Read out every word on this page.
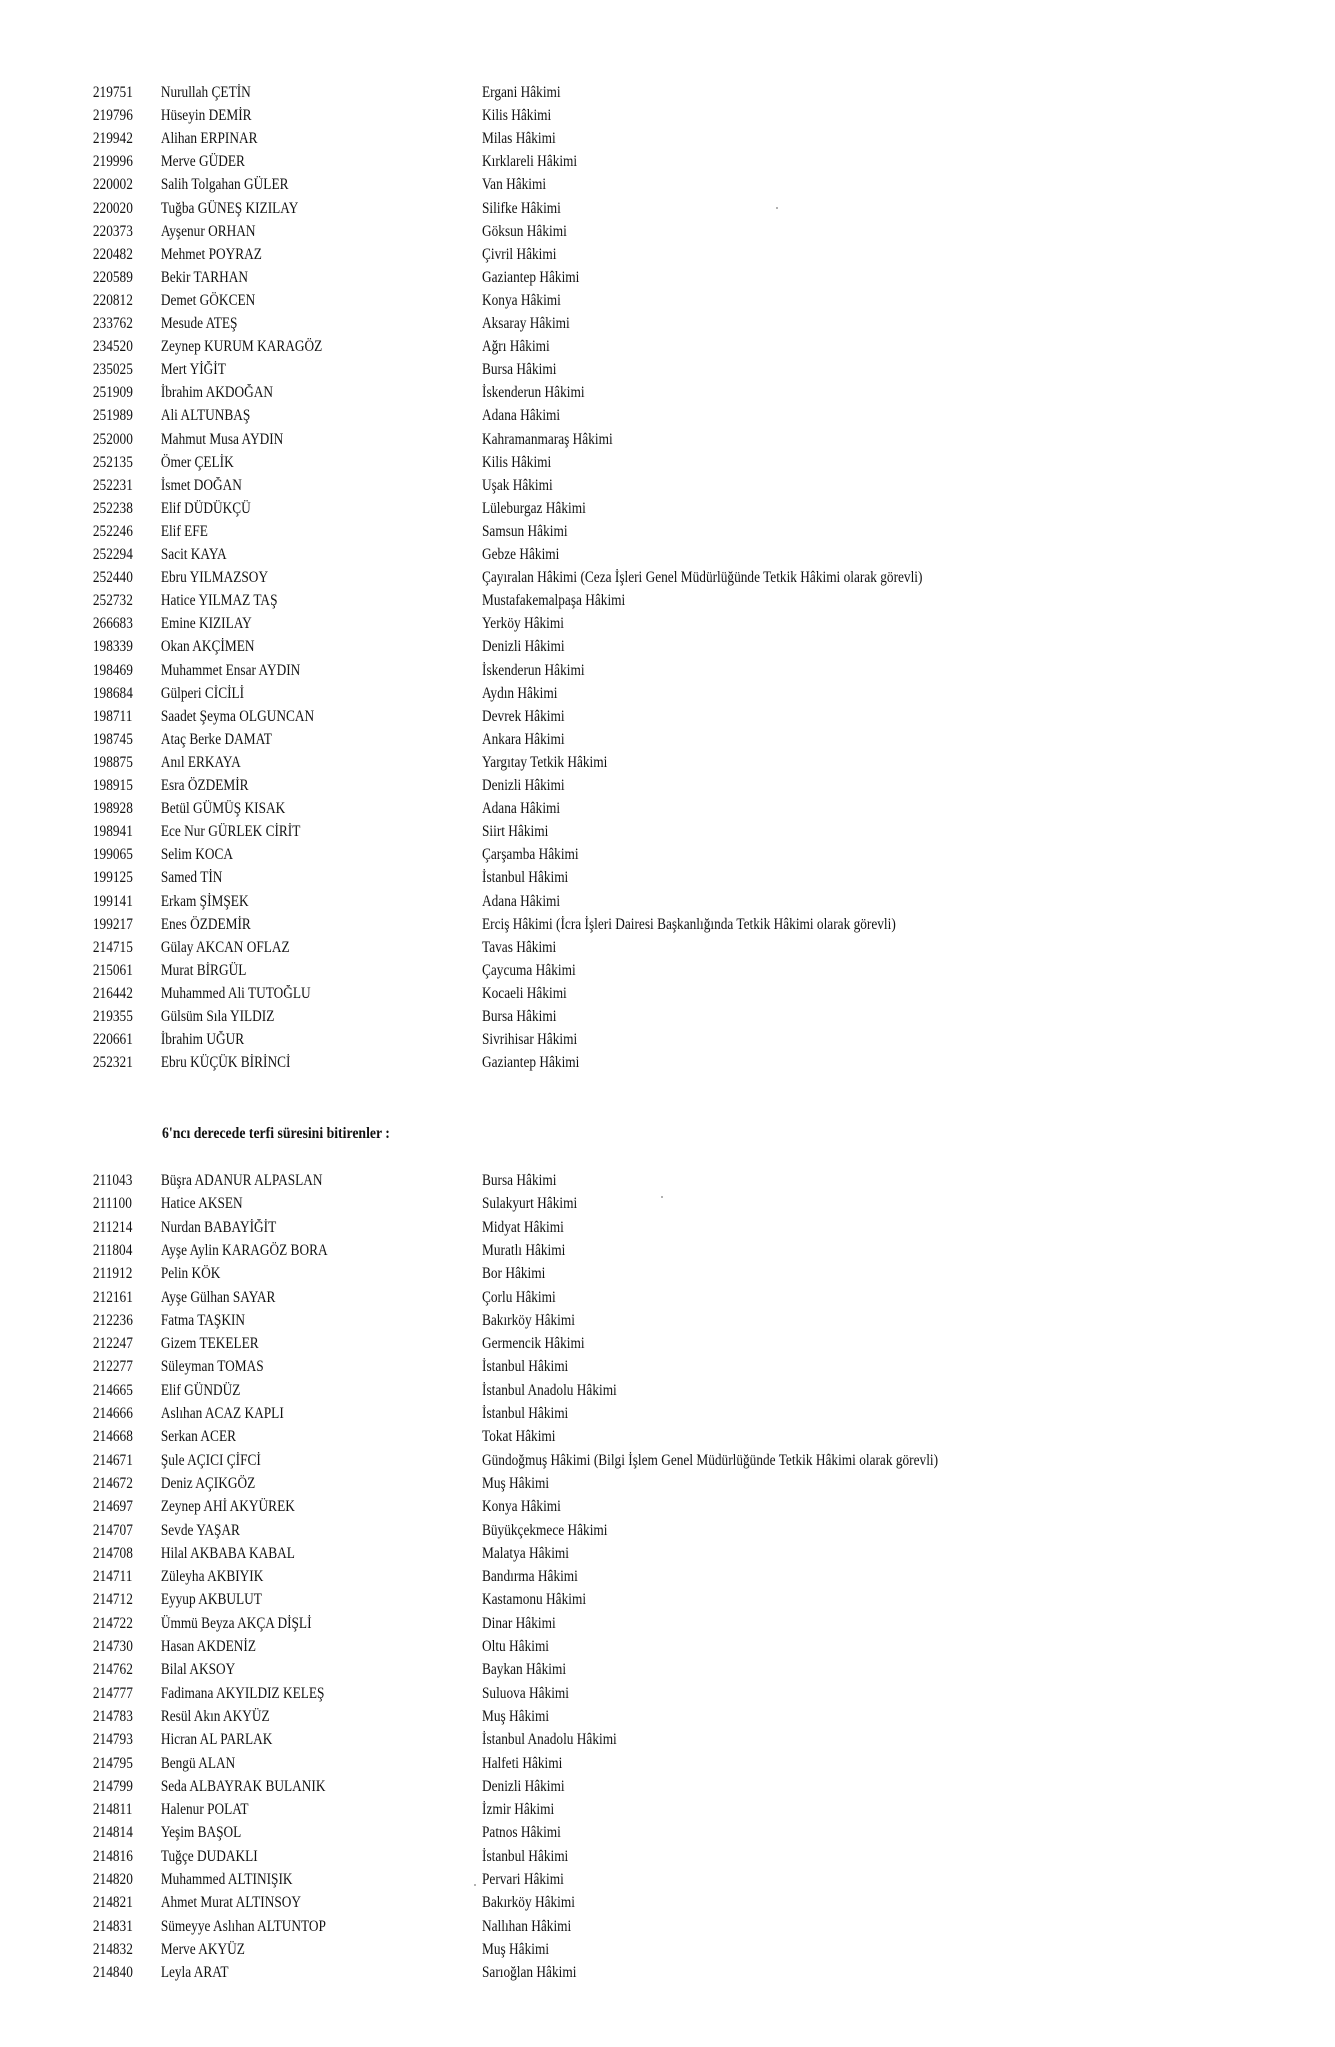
219751 Nurullah ÇETİN	Ergani Hâkimi
219796 Hüseyin DEMİR	Kilis Hâkimi
219942 Alihan ERPINAR	Milas Hâkimi
219996 Merve GÜDER	Kırklareli Hâkimi
220002 Salih Tolgahan GÜLER	Van Hâkimi
220020 Tuğba GÜNEŞ KIZILAY	Silifke Hâkimi
220373 Ayşenur ORHAN	Göksun Hâkimi
220482 Mehmet POYRAZ	Çivril Hâkimi
220589 Bekir TARHAN	Gaziantep Hâkimi
220812 Demet GÖKCEN	Konya Hâkimi
233762 Mesude ATEŞ	Aksaray Hâkimi
234520 Zeynep KURUM KARAGÖZ	Ağrı Hâkimi
235025 Mert YİĞİT	Bursa Hâkimi
251909 İbrahim AKDOĞAN	İskenderun Hâkimi
251989 Ali ALTUNBAŞ	Adana Hâkimi
252000 Mahmut Musa AYDIN	Kahramanmaraş Hâkimi
252135 Ömer ÇELİK	Kilis Hâkimi
252231 İsmet DOĞAN	Uşak Hâkimi
252238 Elif DÜDÜKÇÜ	Lüleburgaz Hâkimi
252246 Elif EFE	Samsun Hâkimi
252294 Sacit KAYA	Gebze Hâkimi
252440 Ebru YILMAZSOY	Çayıralan Hâkimi (Ceza İşleri Genel Müdürlüğünde Tetkik Hâkimi olarak görevli)
252732 Hatice YILMAZ TAŞ	Mustafakemalpaşa Hâkimi
266683 Emine KIZILAY	Yerköy Hâkimi
198339 Okan AKÇİMEN	Denizli Hâkimi
198469 Muhammet Ensar AYDIN	İskenderun Hâkimi
198684 Gülperi CİCİLİ	Aydın Hâkimi
198711 Saadet Şeyma OLGUNCAN	Devrek Hâkimi
198745 Ataç Berke DAMAT	Ankara Hâkimi
198875 Anıl ERKAYA	Yargıtay Tetkik Hâkimi
198915 Esra ÖZDEMİR	Denizli Hâkimi
198928 Betül GÜMÜŞ KISAK	Adana Hâkimi
198941 Ece Nur GÜRLEK CİRİT	Siirt Hâkimi
199065 Selim KOCA	Çarşamba Hâkimi
199125 Samed TİN	İstanbul Hâkimi
199141 Erkam ŞİMŞEK	Adana Hâkimi
199217 Enes ÖZDEMİR	Erciş Hâkimi (İcra İşleri Dairesi Başkanlığında Tetkik Hâkimi olarak görevli)
214715 Gülay AKCAN OFLAZ	Tavas Hâkimi
215061 Murat BİRGÜL	Çaycuma Hâkimi
216442 Muhammed Ali TUTOĞLU	Kocaeli Hâkimi
219355 Gülsüm Sıla YILDIZ	Bursa Hâkimi
220661 İbrahim UĞUR	Sivrihisar Hâkimi
252321 Ebru KÜÇÜK BİRİNCİ	Gaziantep Hâkimi
6'ncı derecede terfi süresini bitirenler :
211043 Büşra ADANUR ALPASLAN	Bursa Hâkimi
211100 Hatice AKSEN	Sulakyurt Hâkimi
211214 Nurdan BABAYİĞİT	Midyat Hâkimi
211804 Ayşe Aylin KARAGÖZ BORA	Muratlı Hâkimi
211912 Pelin KÖK	Bor Hâkimi
212161 Ayşe Gülhan SAYAR	Çorlu Hâkimi
212236 Fatma TAŞKIN	Bakırköy Hâkimi
212247 Gizem TEKELER	Germencik Hâkimi
212277 Süleyman TOMAS	İstanbul Hâkimi
214665 Elif GÜNDÜZ	İstanbul Anadolu Hâkimi
214666 Aslıhan ACAZ KAPLI	İstanbul Hâkimi
214668 Serkan ACER	Tokat Hâkimi
214671 Şule AÇICI ÇİFCİ	Gündoğmuş Hâkimi (Bilgi İşlem Genel Müdürlüğünde Tetkik Hâkimi olarak görevli)
214672 Deniz AÇIKGÖZ	Muş Hâkimi
214697 Zeynep AHİ AKYÜREK	Konya Hâkimi
214707 Sevde YAŞAR	Büyükçekmece Hâkimi
214708 Hilal AKBABA KABAL	Malatya Hâkimi
214711 Züleyha AKBIYIK	Bandırma Hâkimi
214712 Eyyup AKBULUT	Kastamonu Hâkimi
214722 Ümmü Beyza AKÇA DİŞLİ	Dinar Hâkimi
214730 Hasan AKDENİZ	Oltu Hâkimi
214762 Bilal AKSOY	Baykan Hâkimi
214777 Fadimana AKYILDIZ KELEŞ	Suluova Hâkimi
214783 Resül Akın AKYÜZ	Muş Hâkimi
214793 Hicran AL PARLAK	İstanbul Anadolu Hâkimi
214795 Bengü ALAN	Halfeti Hâkimi
214799 Seda ALBAYRAK BULANIK	Denizli Hâkimi
214811 Halenur POLAT	İzmir Hâkimi
214814 Yeşim BAŞOL	Patnos Hâkimi
214816 Tuğçe DUDAKLI	İstanbul Hâkimi
214820 Muhammed ALTINIŞIK	Pervari Hâkimi
214821 Ahmet Murat ALTINSOY	Bakırköy Hâkimi
214831 Sümeyye Aslıhan ALTUNTOP	Nallıhan Hâkimi
214832 Merve AKYÜZ	Muş Hâkimi
214840 Leyla ARAT	Sarıoğlan Hâkimi
